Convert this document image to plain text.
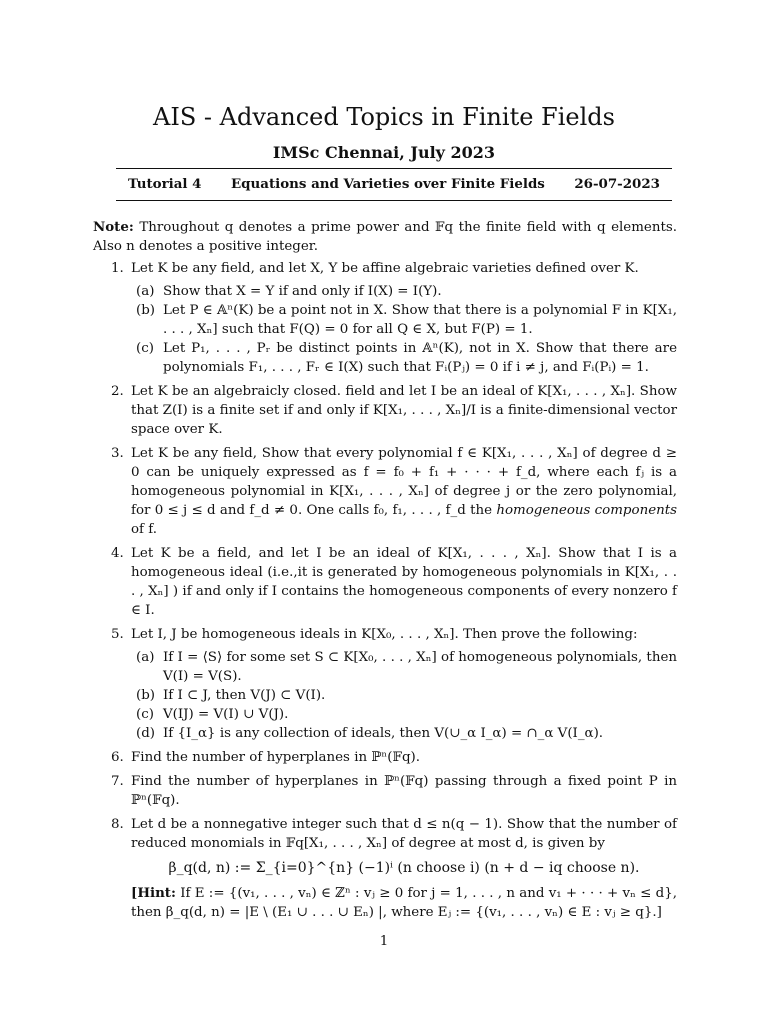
AIS - Advanced Topics in Finite Fields
IMSc Chennai, July 2023
Tutorial 4 Equations and Varieties over Finite Fields 26-07-2023

Note: Throughout q denotes a prime power and 𝔽q the finite field with q elements. Also n denotes a positive integer.

1. Let K be any field, and let X, Y be affine algebraic varieties defined over K.
(a) Show that X = Y if and only if I(X) = I(Y).
(b) Let P ∈ 𝔸ⁿ(K) be a point not in X. Show that there is a polynomial F in K[X₁, . . . , Xₙ] such that F(Q) = 0 for all Q ∈ X, but F(P) = 1.
(c) Let P₁, . . . , Pᵣ be distinct points in 𝔸ⁿ(K), not in X. Show that there are polynomials F₁, . . . , Fᵣ ∈ I(X) such that Fᵢ(Pⱼ) = 0 if i ≠ j, and Fᵢ(Pᵢ) = 1.
2. Let K be an algebraicly closed. field and let I be an ideal of K[X₁, . . . , Xₙ]. Show that Z(I) is a finite set if and only if K[X₁, . . . , Xₙ]/I is a finite-dimensional vector space over K.
3. Let K be any field, Show that every polynomial f ∈ K[X₁, . . . , Xₙ] of degree d ≥ 0 can be uniquely expressed as f = f₀ + f₁ + · · · + f_d, where each fⱼ is a homogeneous polynomial in K[X₁, . . . , Xₙ] of degree j or the zero polynomial, for 0 ≤ j ≤ d and f_d ≠ 0. One calls f₀, f₁, . . . , f_d the homogeneous components of f.
4. Let K be a field, and let I be an ideal of K[X₁, . . . , Xₙ]. Show that I is a homogeneous ideal (i.e.,it is generated by homogeneous polynomials in K[X₁, . . . , Xₙ] ) if and only if I contains the homogeneous components of every nonzero f ∈ I.
5. Let I, J be homogeneous ideals in K[X₀, . . . , Xₙ]. Then prove the following:
(a) If I = ⟨S⟩ for some set S ⊂ K[X₀, . . . , Xₙ] of homogeneous polynomials, then V(I) = V(S).
(b) If I ⊂ J, then V(J) ⊂ V(I).
(c) V(IJ) = V(I) ∪ V(J).
(d) If {I_α} is any collection of ideals, then V(∪_α I_α) = ∩_α V(I_α).
6. Find the number of hyperplanes in ℙⁿ(𝔽q).
7. Find the number of hyperplanes in ℙⁿ(𝔽q) passing through a fixed point P in ℙⁿ(𝔽q).
8. Let d be a nonnegative integer such that d ≤ n(q − 1). Show that the number of reduced monomials in 𝔽q[X₁, . . . , Xₙ] of degree at most d, is given by
β_q(d, n) := Σ_{i=0}^{n} (−1)ⁱ (n choose i) (n + d − iq choose n).
[Hint: If E := {(v₁, . . . , vₙ) ∈ ℤⁿ : vⱼ ≥ 0 for j = 1, . . . , n and v₁ + · · · + vₙ ≤ d}, then β_q(d, n) = |E \ (E₁ ∪ . . . ∪ Eₙ) |, where Eⱼ := {(v₁, . . . , vₙ) ∈ E : vⱼ ≥ q}.]
1
